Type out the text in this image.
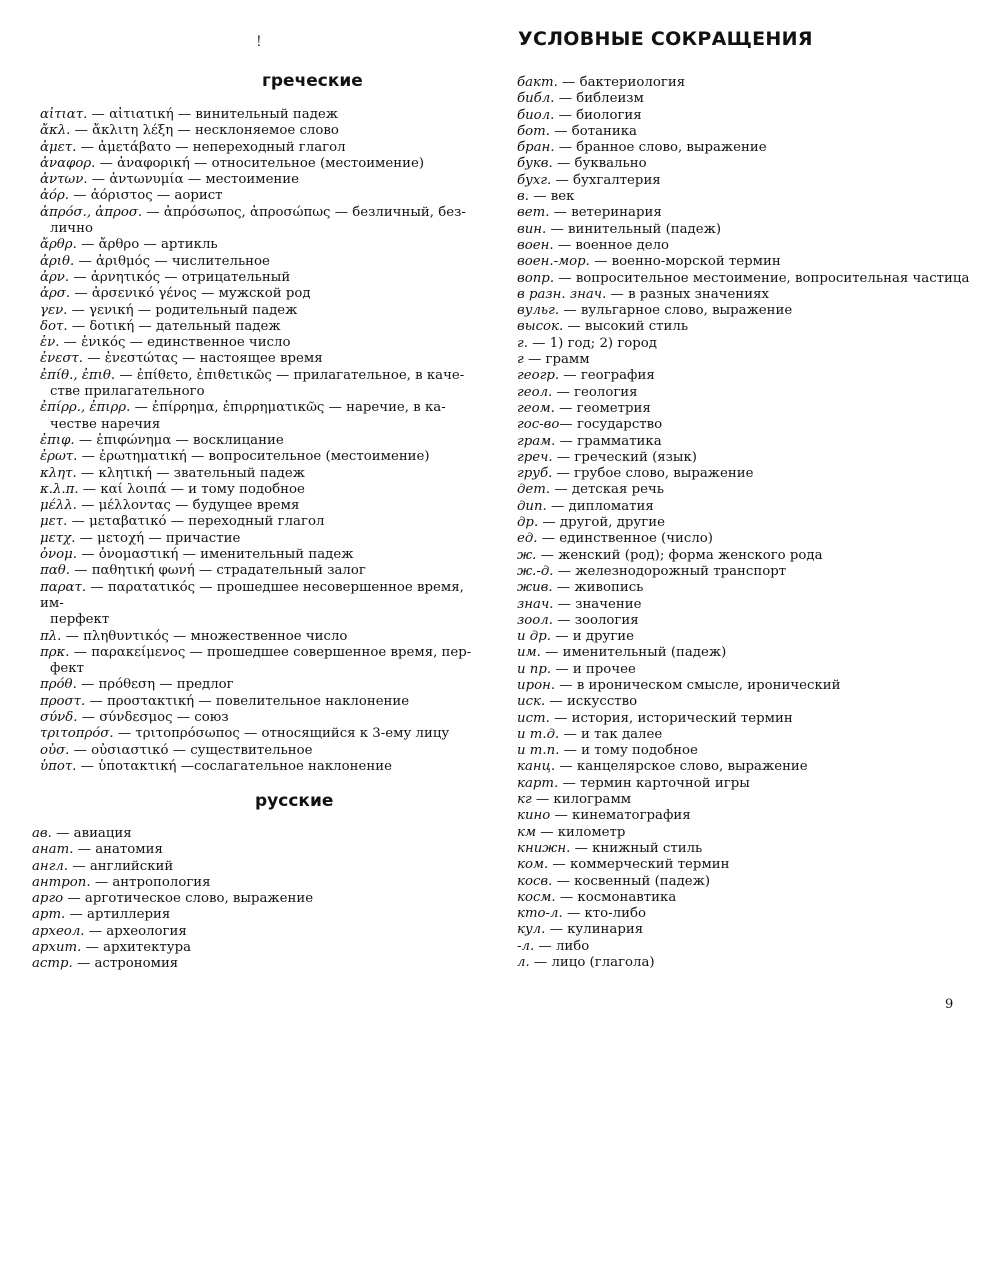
!	УСЛОВНЫЕ СОКРАЩЕНИЯ
греческие
αἰτιατ. — αἰτιατική — винительный падеж
ἄκλ. — ἄκλιτη λέξη — несклоняемое слово
ἀμετ. — ἀμετάβατο — непереходный глагол
ἀναφορ. — ἀναφορική — относительное (местоимение)
ἀντων. — ἀντωνυμία — местоимение
ἀόρ. — ἀόριστος — аорист
ἀπρόσ., ἀπροσ. — ἀπρόσωπος, ἀπροσώπως — безличный, без-
лично
ἄρθρ. — ἄρθρο — артикль
ἀριθ. — ἀριθμός — числительное
ἀρν. — ἀρνητικός — отрицательный
ἀρσ. — ἀρσενικό γένος — мужской род
γεν. — γενική — родительный падеж
δοτ. — δοτική — дательный падеж
ἑν. — ἑνικός — единственное число
ἐνεστ. — ἐνεστώτας — настоящее время
ἐπίθ., ἐπιθ. — ἐπίθετο, ἐπιθετικῶς — прилагательное, в каче-
стве прилагательного
ἐπίρρ., ἐπιρρ. — ἐπίρρημα, ἐπιρρηματικῶς — наречие, в ка-
честве наречия
ἐπιφ. — ἐπιφώνημα — восклицание
ἐρωτ. — ἐρωτηματική — вопросительное (местоимение)
κλητ. — κλητική — звательный падеж
κ.λ.π. — καί λοιπά — и тому подобное
μέλλ. — μέλλοντας — будущее время
μετ. — μεταβατικό — переходный глагол
μετχ. — μετοχή — причастие
ὀνομ. — ὀνομαστική — именительный падеж
παθ. — παθητική φωνή — страдательный залог
παρατ. — παρατατικός — прошедшее несовершенное время, им-
перфект
πλ. — πληθυντικός — множественное число
πρκ. — παρακείμενος — прошедшее совершенное время, пер-
фект
πρόθ. — πρόθεση — предлог
προστ. — προστακτική — повелительное наклонение
σύνδ. — σύνδεσμος — союз
τριτοπρόσ. — τριτοπρόσωπος — относящийся к 3-ему лицу
οὐσ. — οὐσιαστικό — существительное
ὑποτ. — ὑποτακτική —сослагательное наклонение
русские
ав. — авиация
анат. — анатомия
англ. — английский
антроп. — антропология
арго — арготическое слово, выражение
арт. — артиллерия
археол. — археология
архит. — архитектура
астр. — астрономия
бакт. — бактериология
библ. — библеизм
биол. — биология
бот. — ботаника
бран. — бранное слово, выражение
букв. — буквально
бухг. — бухгалтерия
в. — век
вет. — ветеринария
вин. — винительный (падеж)
воен. — военное дело
воен.-мор. — военно-морской термин
вопр. — вопросительное местоимение, вопросительная частица
в разн. знач. — в разных значениях
вульг. — вульгарное слово, выражение
высок. — высокий стиль
г. — 1) год; 2) город
г — грамм
геогр. — география
геол. — геология
геом. — геометрия
гос-во— государство
грам. — грамматика
греч. — греческий (язык)
груб. — грубое слово, выражение
дет. — детская речь
дип. — дипломатия
др. — другой, другие
ед. — единственное (число)
ж. — женский (род); форма женского рода
ж.-д. — железнодорожный транспорт
жив. — живопись
знач. — значение
зоол. — зоология
и др. — и другие
им. — именительный (падеж)
и пр. — и прочее
ирон. — в ироническом смысле, иронический
иск. — искусство
ист. — история, исторический термин
и т.д. — и так далее
и т.п. — и тому подобное
канц. — канцелярское слово, выражение
карт. — термин карточной игры
кг — килограмм
кино — кинематография
км — километр
книжн. — книжный стиль
ком. — коммерческий термин
косв. — косвенный (падеж)
косм. — космонавтика
кто-л. — кто-либо
кул. — кулинария
-л. — либо
л. — лицо (глагола)
9
